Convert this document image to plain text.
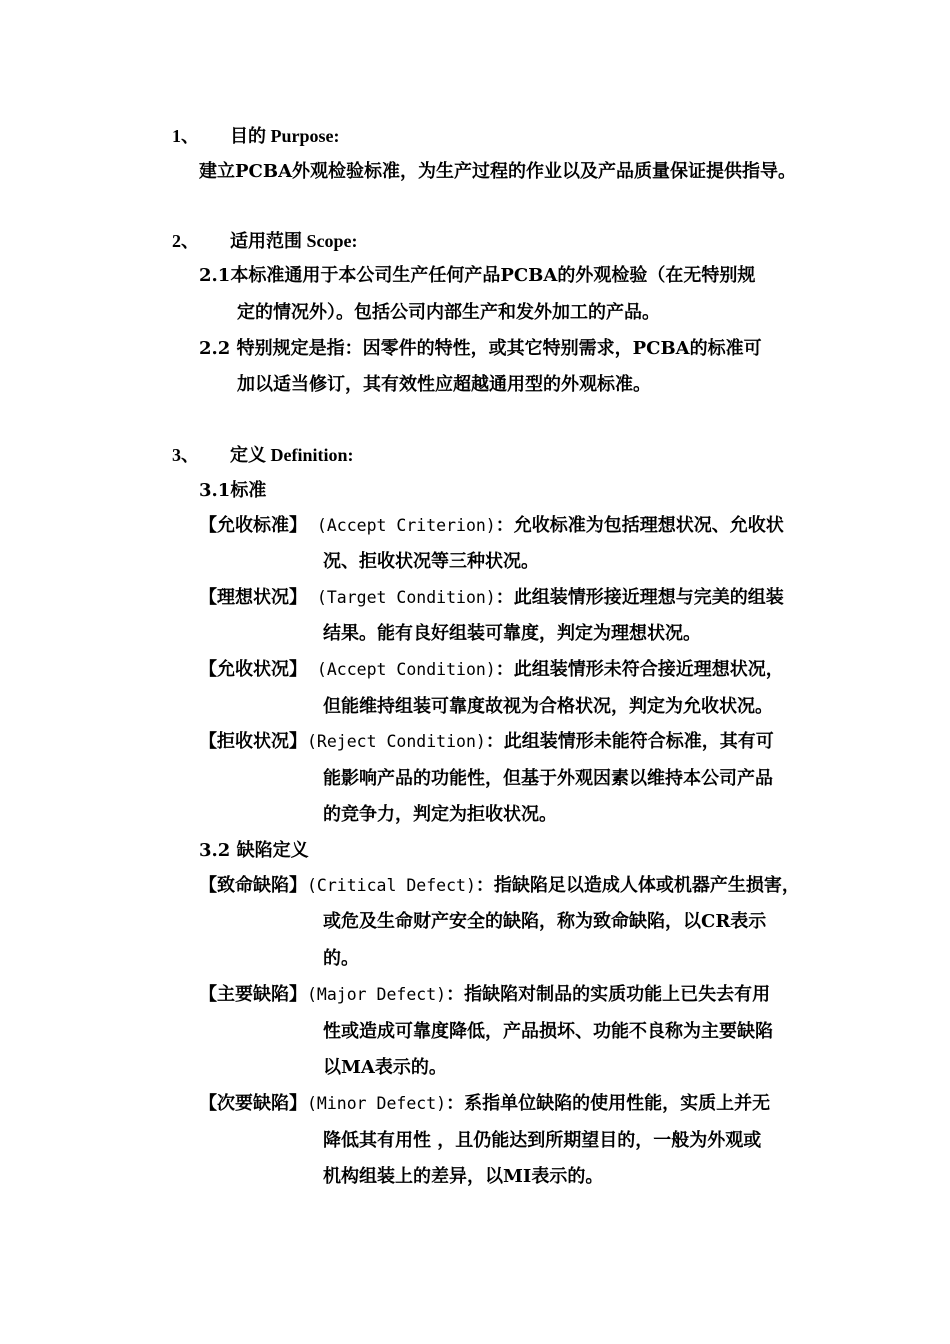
1、 目的 Purpose:
建立PCBA外观检验标准，为生产过程的作业以及产品质量保证提供指导。
2、 适用范围 Scope:
2.1本标准通用于本公司生产任何产品PCBA的外观检验（在无特别规
定的情况外）。包括公司内部生产和发外加工的产品。
2.2 特别规定是指：因零件的特性，或其它特别需求，PCBA的标准可
加以适当修订，其有效性应超越通用型的外观标准。
3、 定义 Definition:
3.1标准
【允收标准】 (Accept Criterion)：允收标准为包括理想状况、允收状
况、拒收状况等三种状况。
【理想状况】 (Target Condition)：此组装情形接近理想与完美的组装
结果。能有良好组装可靠度，判定为理想状况。
【允收状况】 (Accept Condition)：此组装情形未符合接近理想状况，
但能维持组装可靠度故视为合格状况，判定为允收状况。
【拒收状况】(Reject Condition)：此组装情形未能符合标准，其有可
能影响产品的功能性，但基于外观因素以维持本公司产品
的竞争力，判定为拒收状况。
3.2 缺陷定义
【致命缺陷】(Critical Defect)：指缺陷足以造成人体或机器产生损害，
或危及生命财产安全的缺陷，称为致命缺陷，以CR表示
的。
【主要缺陷】(Major Defect)：指缺陷对制品的实质功能上已失去有用
性或造成可靠度降低，产品损坏、功能不良称为主要缺陷
以MA表示的。
【次要缺陷】(Minor Defect)：系指单位缺陷的使用性能，实质上并无
降低其有用性 ，且仍能达到所期望目的，一般为外观或
机构组装上的差异，以MI表示的。
